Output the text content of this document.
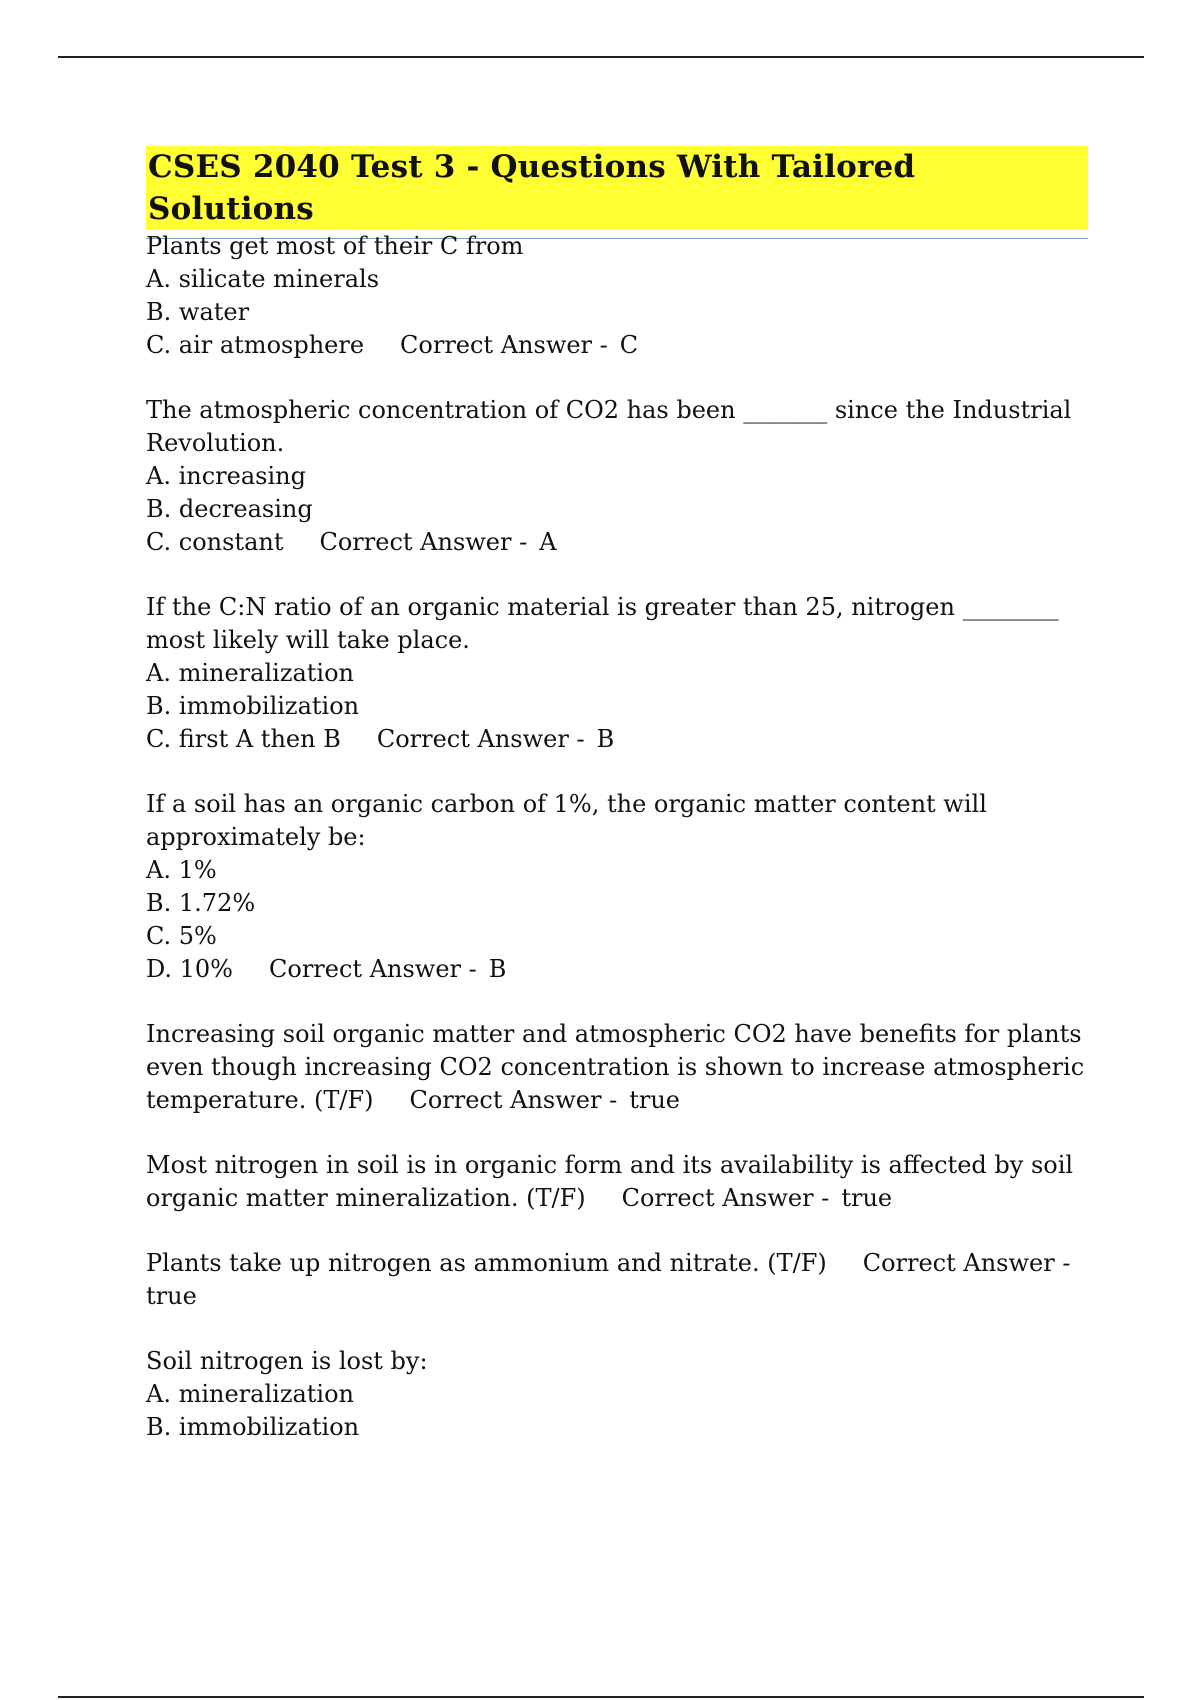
CSES 2040 Test 3 - Questions With Tailored Solutions
Plants get most of their C from
A. silicate minerals
B. water
C. air atmosphere Correct Answer - C
The atmospheric concentration of CO2 has been _______ since the Industrial
Revolution.
A. increasing
B. decreasing
C. constant Correct Answer - A
If the C:N ratio of an organic material is greater than 25, nitrogen ________
most likely will take place.
A. mineralization
B. immobilization
C. first A then B Correct Answer - B
If a soil has an organic carbon of 1%, the organic matter content will
approximately be:
A. 1%
B. 1.72%
C. 5%
D. 10% Correct Answer - B
Increasing soil organic matter and atmospheric CO2 have benefits for plants
even though increasing CO2 concentration is shown to increase atmospheric
temperature. (T/F) Correct Answer - true
Most nitrogen in soil is in organic form and its availability is affected by soil
organic matter mineralization. (T/F) Correct Answer - true
Plants take up nitrogen as ammonium and nitrate. (T/F) Correct Answer -
true
Soil nitrogen is lost by:
A. mineralization
B. immobilization
